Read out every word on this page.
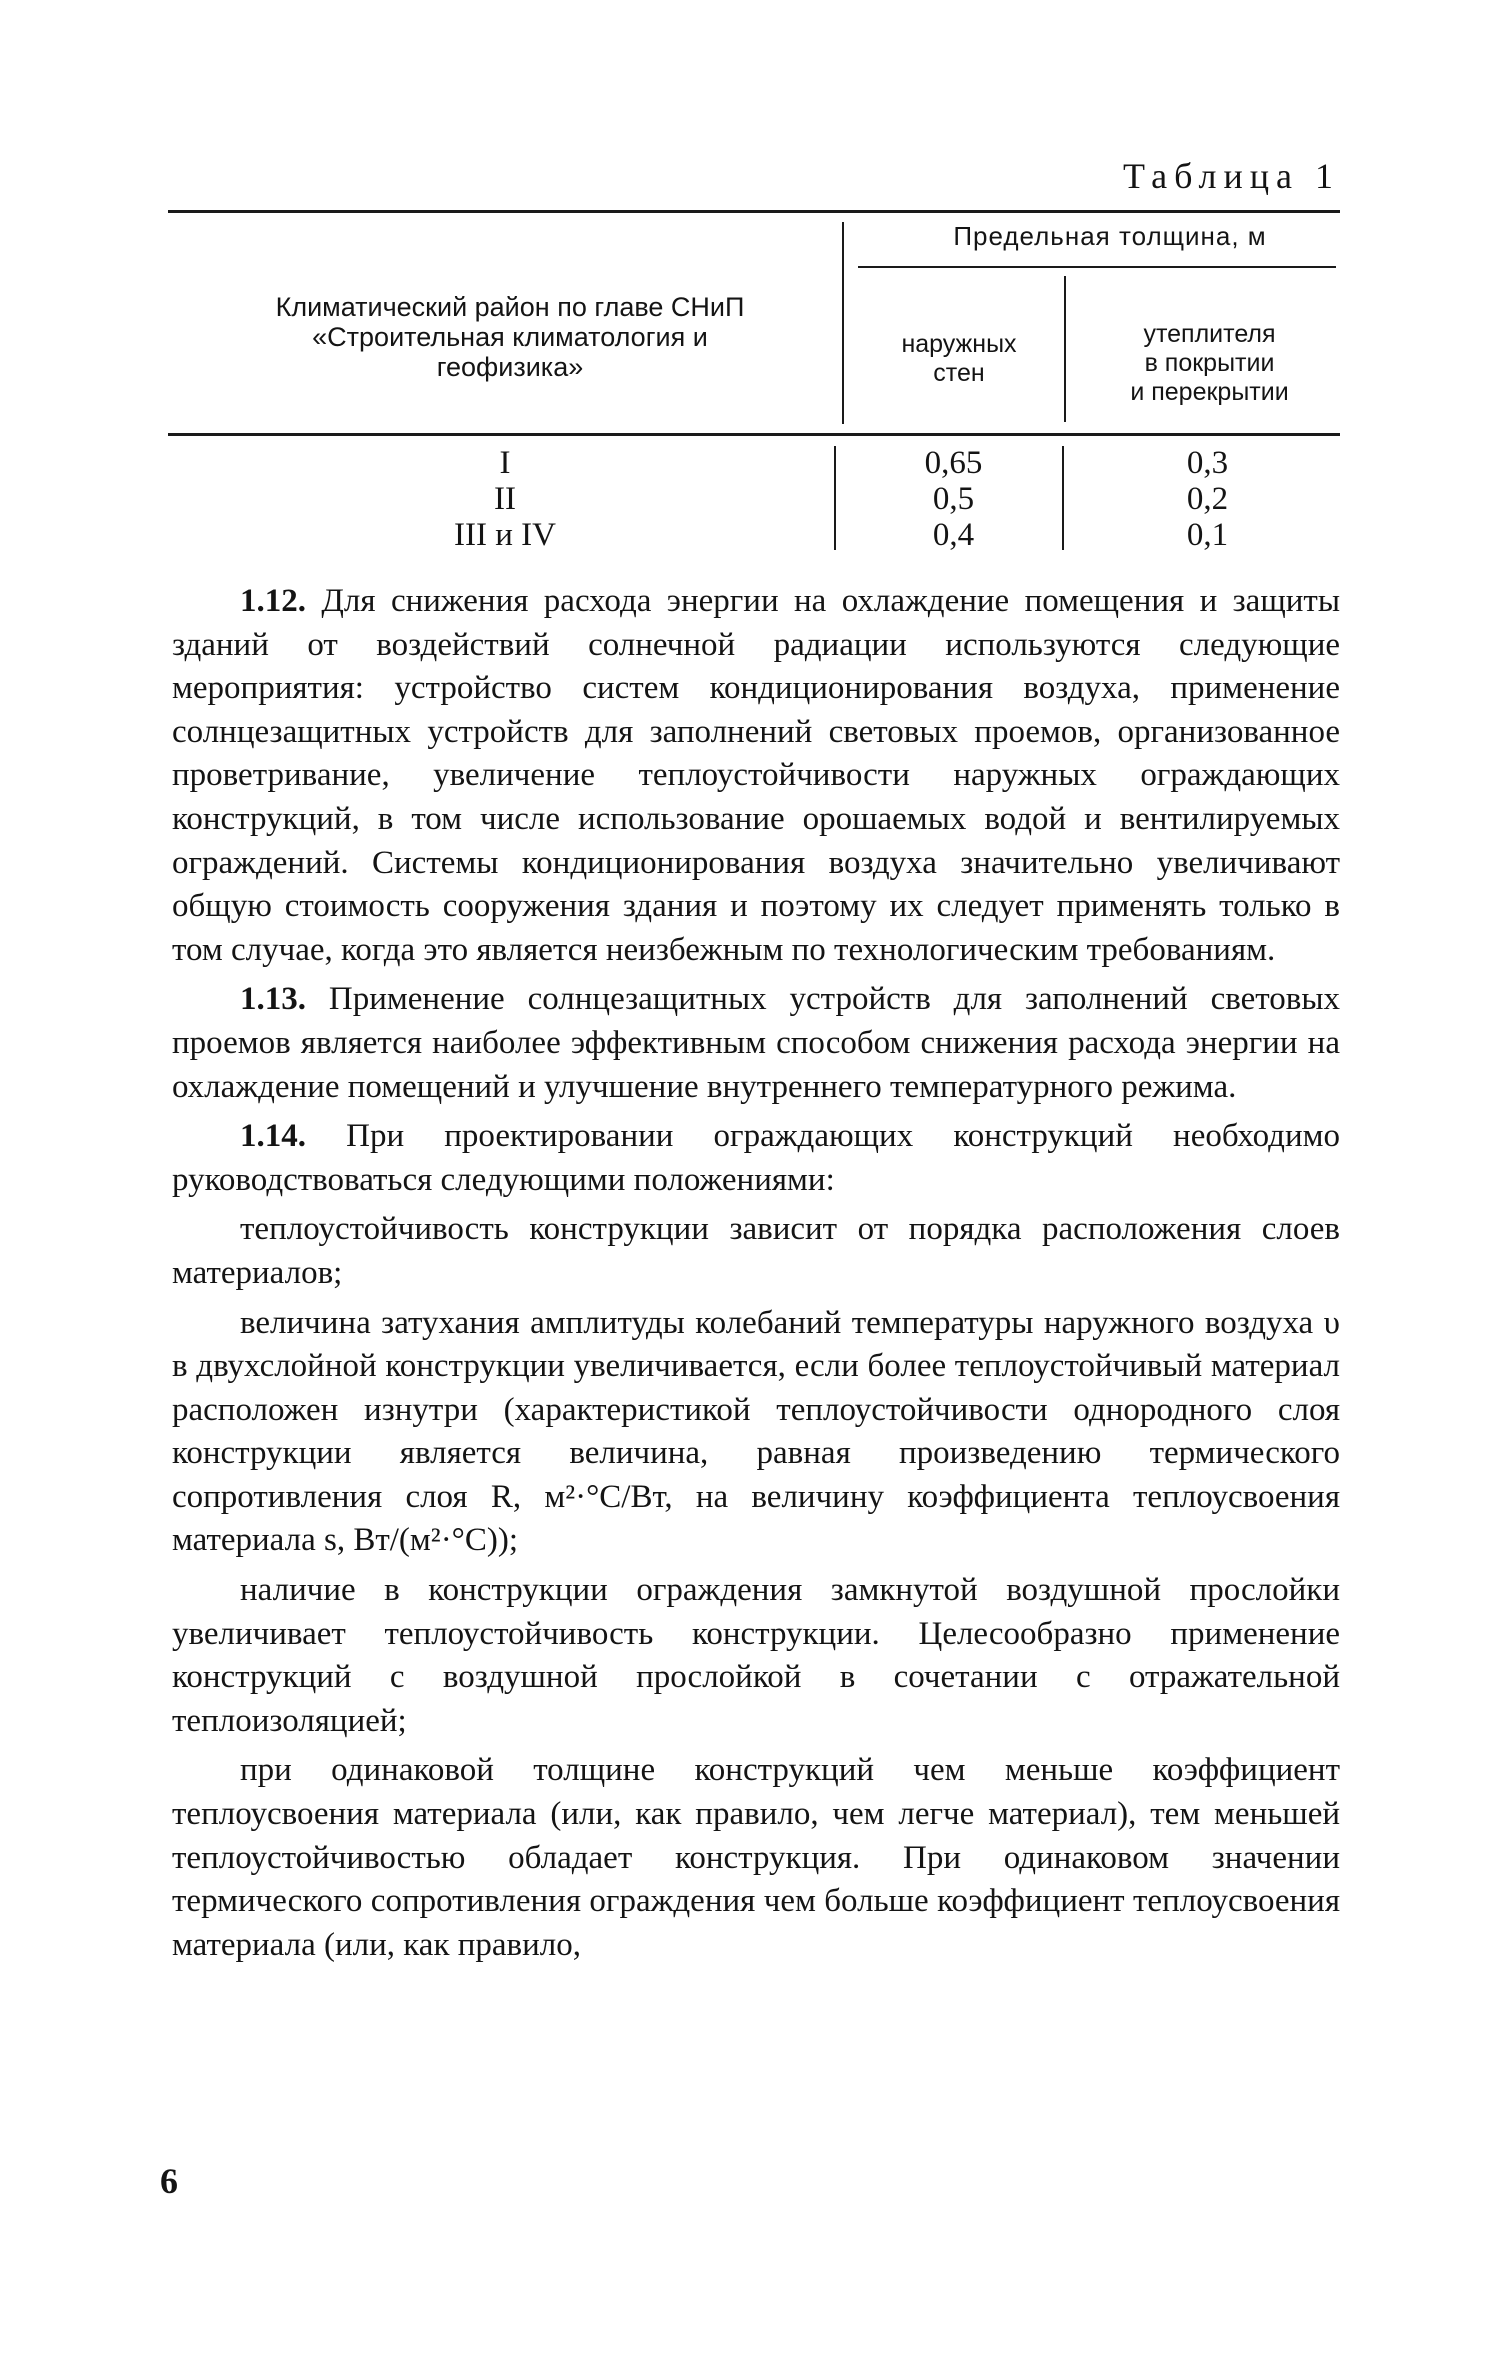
Таблица 1
Климатический район по главе СНиП
«Строительная климатология и
геофизика»
Предельная толщина, м
наружных
стен
утеплителя
в покрытии
и перекрытии
I
II
III и IV
0,65
0,5
0,4
0,3
0,2
0,1

1.12. Для снижения расхода энергии на охлаждение помещения и защиты зданий от воздействий солнечной радиации используются следующие мероприятия: устройство систем кондиционирования воздуха, применение солнцезащитных устройств для заполнений световых проемов, организованное проветривание, увеличение теплоустойчивости наружных ограждающих конструкций, в том числе использование орошаемых водой и вентилируемых ограждений. Системы кондиционирования воздуха значительно увеличивают общую стоимость сооружения здания и поэтому их следует применять только в том случае, когда это является неизбежным по технологическим требованиям.

1.13. Применение солнцезащитных устройств для заполнений световых проемов является наиболее эффективным способом снижения расхода энергии на охлаждение помещений и улучшение внутреннего температурного режима.

1.14. При проектировании ограждающих конструкций необходимо руководствоваться следующими положениями:

теплоустойчивость конструкции зависит от порядка расположения слоев материалов;

величина затухания амплитуды колебаний температуры наружного воздуха υ в двухслойной конструкции увеличивается, если более теплоустойчивый материал расположен изнутри (характеристикой теплоустойчивости однородного слоя конструкции является величина, равная произведению термического сопротивления слоя R, м²·°С/Вт, на величину коэффициента теплоусвоения материала s, Вт/(м²·°С));

наличие в конструкции ограждения замкнутой воздушной прослойки увеличивает теплоустойчивость конструкции. Целесообразно применение конструкций с воздушной прослойкой в сочетании с отражательной теплоизоляцией;

при одинаковой толщине конструкций чем меньше коэффициент теплоусвоения материала (или, как правило, чем легче материал), тем меньшей теплоустойчивостью обладает конструкция. При одинаковом значении термического сопротивления ограждения чем больше коэффициент теплоусвоения материала (или, как правило,

6
